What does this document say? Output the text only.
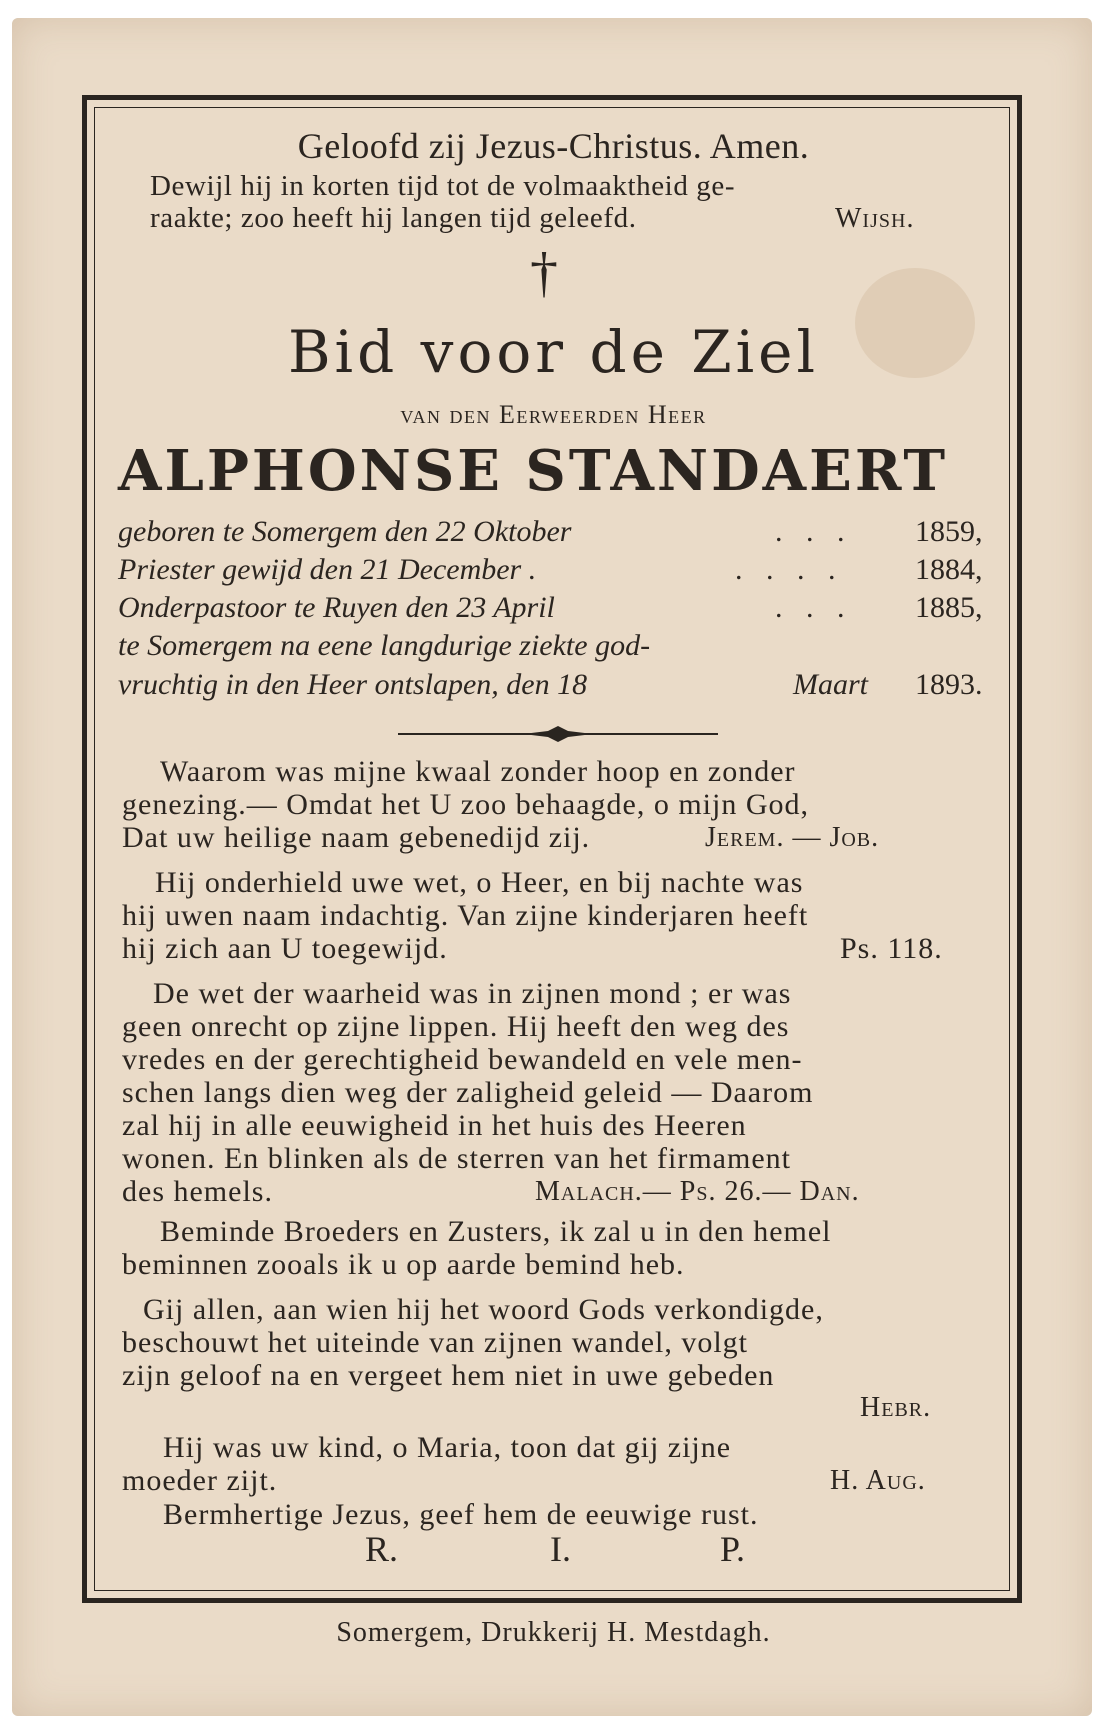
Geloofd zij Jezus-Christus. Amen.
Dewijl hij in korten tijd tot de volmaaktheid ge-
raakte; zoo heeft hij langen tijd geleefd.	Wijsh.
†
Bid voor de Ziel
van den Eerweerden Heer
ALPHONSE STANDAERT
geboren te Somergem den 22 Oktober	. . . 1859,
Priester gewijd den 21 December .	. . . . 1884,
Onderpastoor te Ruyen den 23 April	. . . 1885,
te Somergem na eene langdurige ziekte god-
vruchtig in den Heer ontslapen, den 18	Maart 1893.
Waarom was mijne kwaal zonder hoop en zonder
genezing.— Omdat het U zoo behaagde, o mijn God,
Dat uw heilige naam gebenedijd zij.	Jerem. — Job.
Hij onderhield uwe wet, o Heer, en bij nachte was
hij uwen naam indachtig. Van zijne kinderjaren heeft
hij zich aan U toegewijd.	Ps. 118.
De wet der waarheid was in zijnen mond ; er was
geen onrecht op zijne lippen. Hij heeft den weg des
vredes en der gerechtigheid bewandeld en vele men-
schen langs dien weg der zaligheid geleid — Daarom
zal hij in alle eeuwigheid in het huis des Heeren
wonen. En blinken als de sterren van het firmament
des hemels.	Malach.— Ps. 26.— Dan.
Beminde Broeders en Zusters, ik zal u in den hemel
beminnen zooals ik u op aarde bemind heb.
Gij allen, aan wien hij het woord Gods verkondigde,
beschouwt het uiteinde van zijnen wandel, volgt
zijn geloof na en vergeet hem niet in uwe gebeden
Hebr.
Hij was uw kind, o Maria, toon dat gij zijne
moeder zijt.	H. Aug.
Bermhertige Jezus, geef hem de eeuwige rust.
R.	I.	P.
Somergem, Drukkerij H. Mestdagh.
